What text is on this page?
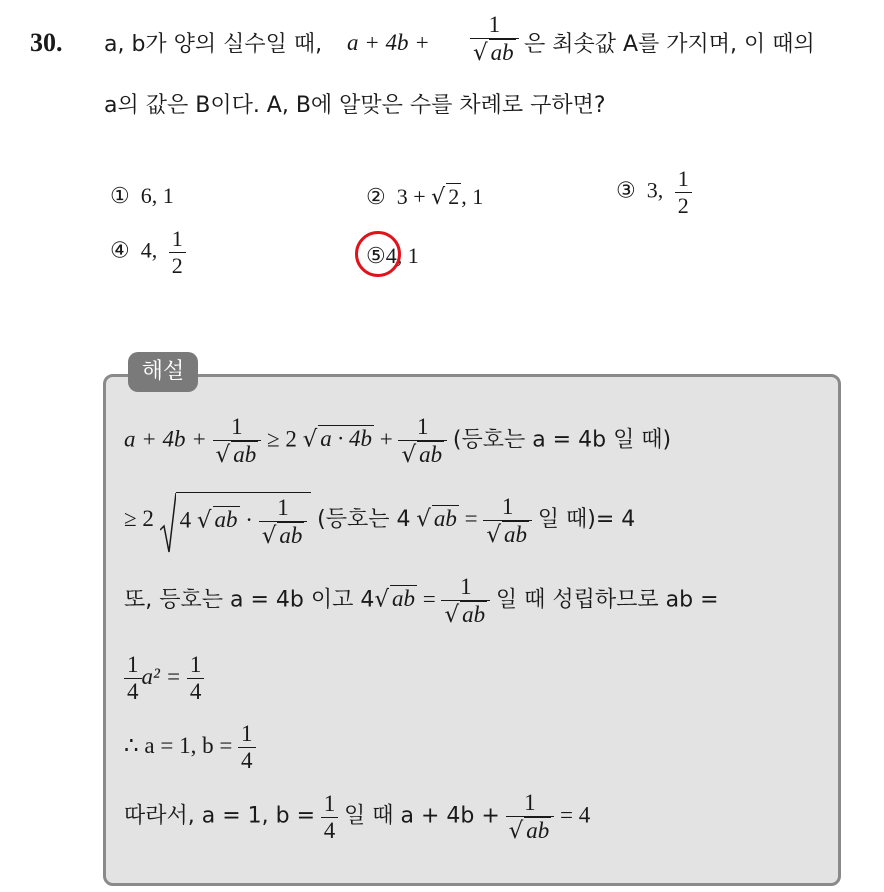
30. a, b가 양의 실수일 때, $a + 4b + \frac{1}{√ ab}$ 은 최솟값 A를 가지며, 이 때의
a의 값은 B이다. A, B에 알맞은 수를 차례로 구하면?
① 6, 1	② 3 + √ 2, 1	③ 3, $\frac{1}{2}$
④ 4, $\frac{1}{2}$	⑤4, 1
해설
$a + 4b + \frac{1}{√ ab} \ge 2$ √ $a \cdot 4b + \frac{1}{√ ab}$ (등호는 a = 4b 일 때)
≥ 2 4 √ ab · $\frac{1}{√ ab}$ (등호는 4 √ ab = $\frac{1}{√ ab}$ 일 때)= 4
또, 등호는 a = 4b 이고 4√ ab = $\frac{1}{√ ab}$ 일 때 성립하므로 ab =
$\frac{1}{4} a^2 = \frac{1}{4}$
∴ a = 1, $b = \frac{1}{4}$
따라서, a = 1, $b = \frac{1}{4}$ 일 때 $a + 4b + \frac{1}{√ ab} = 4$
